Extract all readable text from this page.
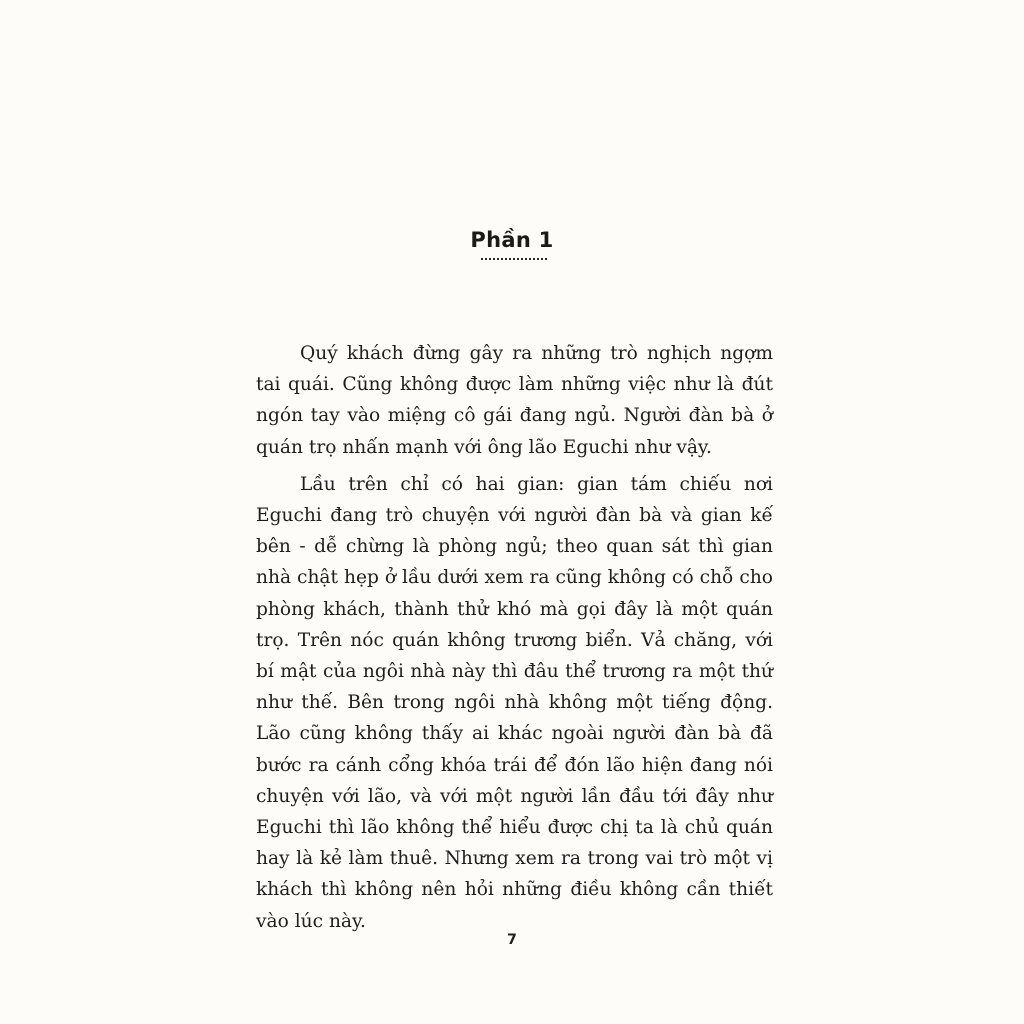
Phần 1

Quý khách đừng gây ra những trò nghịch ngợm tai quái. Cũng không được làm những việc như là đút ngón tay vào miệng cô gái đang ngủ. Người đàn bà ở quán trọ nhấn mạnh với ông lão Eguchi như vậy.

Lầu trên chỉ có hai gian: gian tám chiếu nơi Eguchi đang trò chuyện với người đàn bà và gian kế bên - dễ chừng là phòng ngủ; theo quan sát thì gian nhà chật hẹp ở lầu dưới xem ra cũng không có chỗ cho phòng khách, thành thử khó mà gọi đây là một quán trọ. Trên nóc quán không trương biển. Vả chăng, với bí mật của ngôi nhà này thì đâu thể trương ra một thứ như thế. Bên trong ngôi nhà không một tiếng động. Lão cũng không thấy ai khác ngoài người đàn bà đã bước ra cánh cổng khóa trái để đón lão hiện đang nói chuyện với lão, và với một người lần đầu tới đây như Eguchi thì lão không thể hiểu được chị ta là chủ quán hay là kẻ làm thuê. Nhưng xem ra trong vai trò một vị khách thì không nên hỏi những điều không cần thiết vào lúc này.

7
